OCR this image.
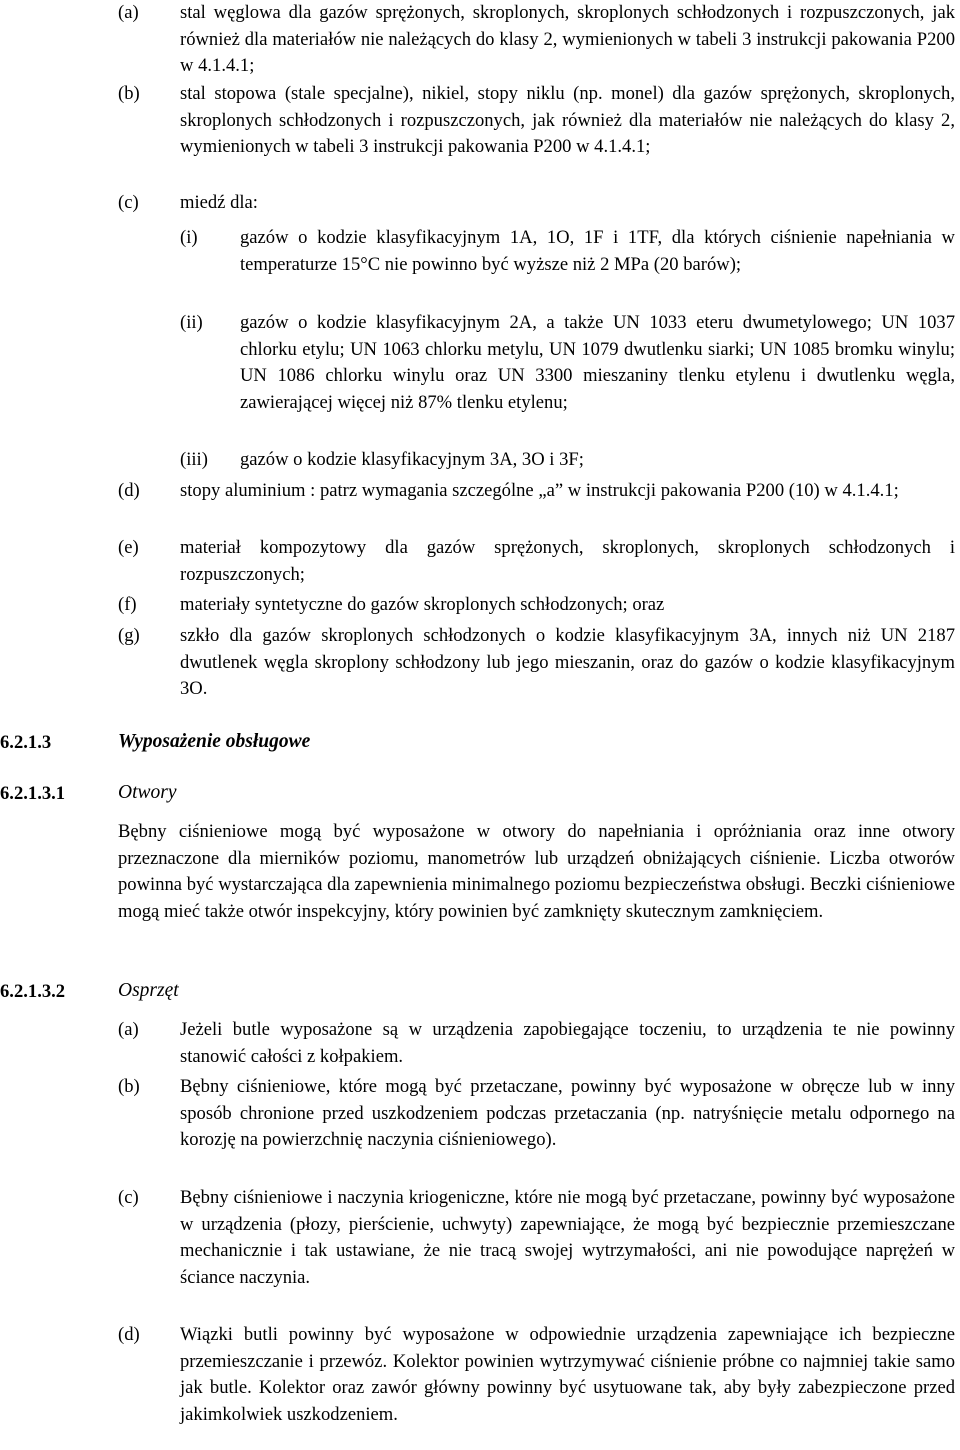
(a) stal węglowa dla gazów sprężonych, skroplonych, skroplonych schłodzonych i rozpuszczonych, jak również dla materiałów nie należących do klasy 2, wymienionych w tabeli 3 instrukcji pakowania P200 w 4.1.4.1;
(b) stal stopowa (stale specjalne), nikiel, stopy niklu (np. monel) dla gazów sprężonych, skroplonych, skroplonych schłodzonych i rozpuszczonych, jak również dla materiałów nie należących do klasy 2, wymienionych w tabeli 3 instrukcji pakowania P200 w 4.1.4.1;
(c) miedź dla:
(i) gazów o kodzie klasyfikacyjnym 1A, 1O, 1F i 1TF, dla których ciśnienie napełniania w temperaturze 15°C nie powinno być wyższe niż 2 MPa (20 barów);
(ii) gazów o kodzie klasyfikacyjnym 2A, a także UN 1033 eteru dwumetylowego; UN 1037 chlorku etylu; UN 1063 chlorku metylu, UN 1079 dwutlenku siarki; UN 1085 bromku winylu; UN 1086 chlorku winylu oraz UN 3300 mieszaniny tlenku etylenu i dwutlenku węgla, zawierającej więcej niż 87% tlenku etylenu;
(iii) gazów o kodzie klasyfikacyjnym 3A, 3O i 3F;
(d) stopy aluminium : patrz wymagania szczególne „a” w instrukcji pakowania P200 (10) w 4.1.4.1;
(e) materiał kompozytowy dla gazów sprężonych, skroplonych, skroplonych schłodzonych i rozpuszczonych;
(f) materiały syntetyczne do gazów skroplonych schłodzonych; oraz
(g) szkło dla gazów skroplonych schłodzonych o kodzie klasyfikacyjnym 3A, innych niż UN 2187 dwutlenek węgla skroplony schłodzony lub jego mieszanin, oraz do gazów o kodzie klasyfikacyjnym 3O.
6.2.1.3	Wyposażenie obsługowe
6.2.1.3.1	Otwory
Bębny ciśnieniowe mogą być wyposażone w otwory do napełniania i opróżniania oraz inne otwory przeznaczone dla mierników poziomu, manometrów lub urządzeń obniżających ciśnienie. Liczba otworów powinna być wystarczająca dla zapewnienia minimalnego poziomu bezpieczeństwa obsługi. Beczki ciśnieniowe mogą mieć także otwór inspekcyjny, który powinien być zamknięty skutecznym zamknięciem.
6.2.1.3.2	Osprzęt
(a) Jeżeli butle wyposażone są w urządzenia zapobiegające toczeniu, to urządzenia te nie powinny stanowić całości z kołpakiem.
(b) Bębny ciśnieniowe, które mogą być przetaczane, powinny być wyposażone w obręcze lub w inny sposób chronione przed uszkodzeniem podczas przetaczania (np. natryśnięcie metalu odpornego na korozję na powierzchnię naczynia ciśnieniowego).
(c) Bębny ciśnieniowe i naczynia kriogeniczne, które nie mogą być przetaczane, powinny być wyposażone w urządzenia (płozy, pierścienie, uchwyty) zapewniające, że mogą być bezpiecznie przemieszczane mechanicznie i tak ustawiane, że nie tracą swojej wytrzymałości, ani nie powodujące naprężeń w ściance naczynia.
(d) Wiązki butli powinny być wyposażone w odpowiednie urządzenia zapewniające ich bezpieczne przemieszczanie i przewóz. Kolektor powinien wytrzymywać ciśnienie próbne co najmniej takie samo jak butle. Kolektor oraz zawór główny powinny być usytuowane tak, aby były zabezpieczone przed jakimkolwiek uszkodzeniem.
